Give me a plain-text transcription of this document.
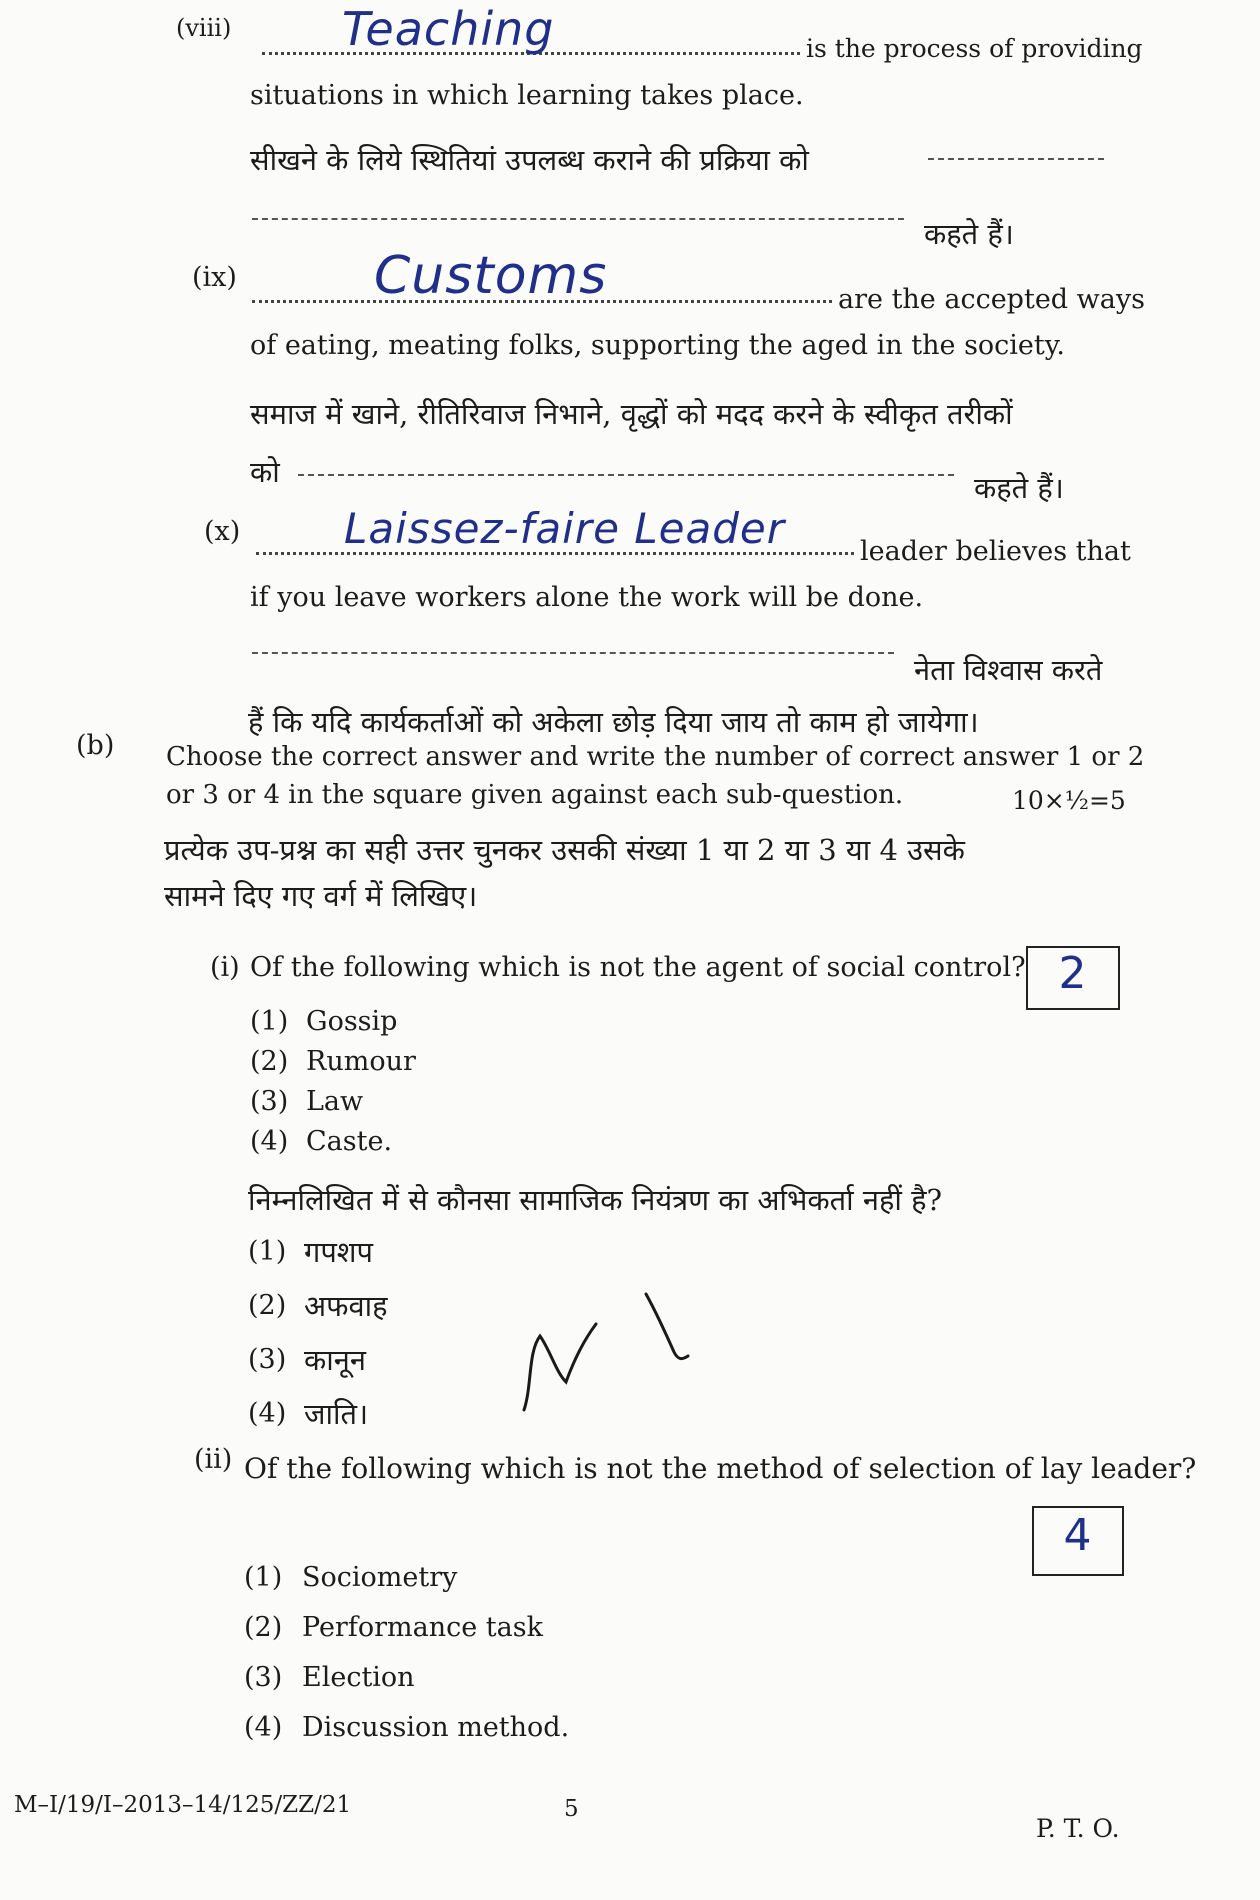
(viii) Teaching	is the process of providing
situations in which learning takes place.
सीखने के लिये स्थितियां उपलब्ध कराने की प्रक्रिया को
कहते हैं।
(ix)	Customs	are the accepted ways
of eating, meating folks, supporting the aged in the society.
समाज में खाने, रीतिरिवाज निभाने, वृद्धों को मदद करने के स्वीकृत तरीकों
को	कहते हैं।
(x) Laissez-faire Leader	leader believes that
if you leave workers alone the work will be done.
नेता विश्वास करते
हैं कि यदि कार्यकर्ताओं को अकेला छोड़ दिया जाय तो काम हो जायेगा।
(b) Choose the correct answer and write the number of correct answer 1 or 2
or 3 or 4 in the square given against each sub-question.	10×½=5
प्रत्येक उप-प्रश्न का सही उत्तर चुनकर उसकी संख्या 1 या 2 या 3 या 4 उसके
सामने दिए गए वर्ग में लिखिए।
(i) Of the following which is not the agent of social control? 2
(1) Gossip
(2) Rumour
(3) Law
(4) Caste.
निम्नलिखित में से कौनसा सामाजिक नियंत्रण का अभिकर्ता नहीं है?
(1) गपशप
(2) अफवाह
(3) कानून
(4) जाति।
(ii) Of the following which is not the method of selection of lay leader?
4
(1) Sociometry
(2) Performance task
(3) Election
(4) Discussion method.
M–I/19/I–2013–14/125/ZZ/21	5
P. T. O.
